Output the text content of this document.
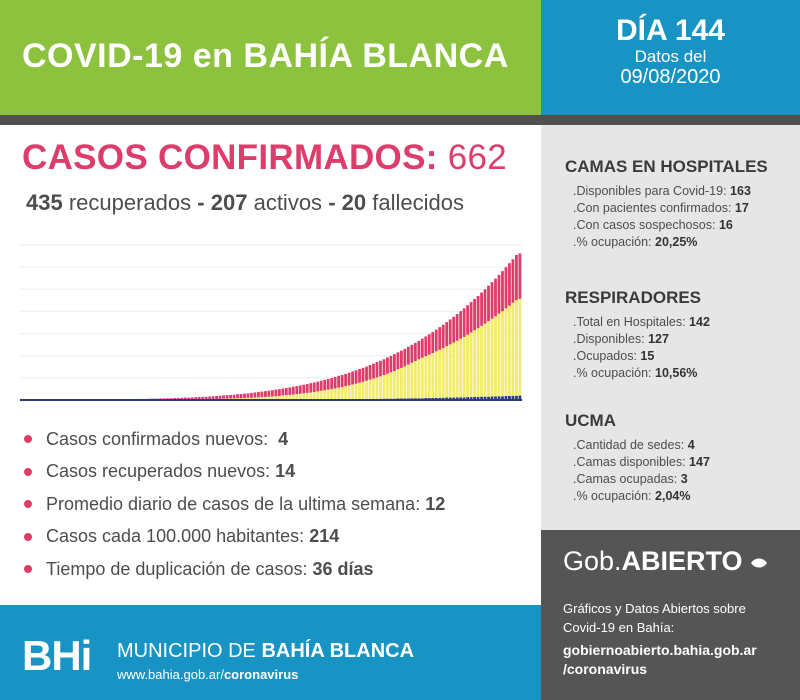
COVID-19 en BAHÍA BLANCA
DÍA 144
Datos del
09/08/2020
CASOS CONFIRMADOS: 662
435 recuperados - 207 activos - 20 fallecidos
Casos confirmados nuevos:
4
Casos recuperados nuevos:
14
Promedio diario de casos de la ultima semana:
12
Casos cada 100.000 habitantes:
214
Tiempo de duplicación de casos:
36 días
CAMAS EN HOSPITALES
.Disponibles para Covid-19: 163
.Con pacientes confirmados: 17
.Con casos sospechosos: 16
.% ocupación: 20,25%
RESPIRADORES
.Total en Hospitales: 142
.Disponibles: 127
.Ocupados: 15
.% ocupación: 10,56%
UCMA
.Cantidad de sedes: 4
.Camas disponibles: 147
.Camas ocupadas: 3
.% ocupación: 2,04%
Gob.ABIERTO
Gráficos y Datos Abiertos sobre
Covid-19 en Bahía:
gobiernoabierto.bahia.gob.ar
/coronavirus
BHi MUNICIPIO DE BAHÍA BLANCA
www.bahia.gob.ar/coronavirus
